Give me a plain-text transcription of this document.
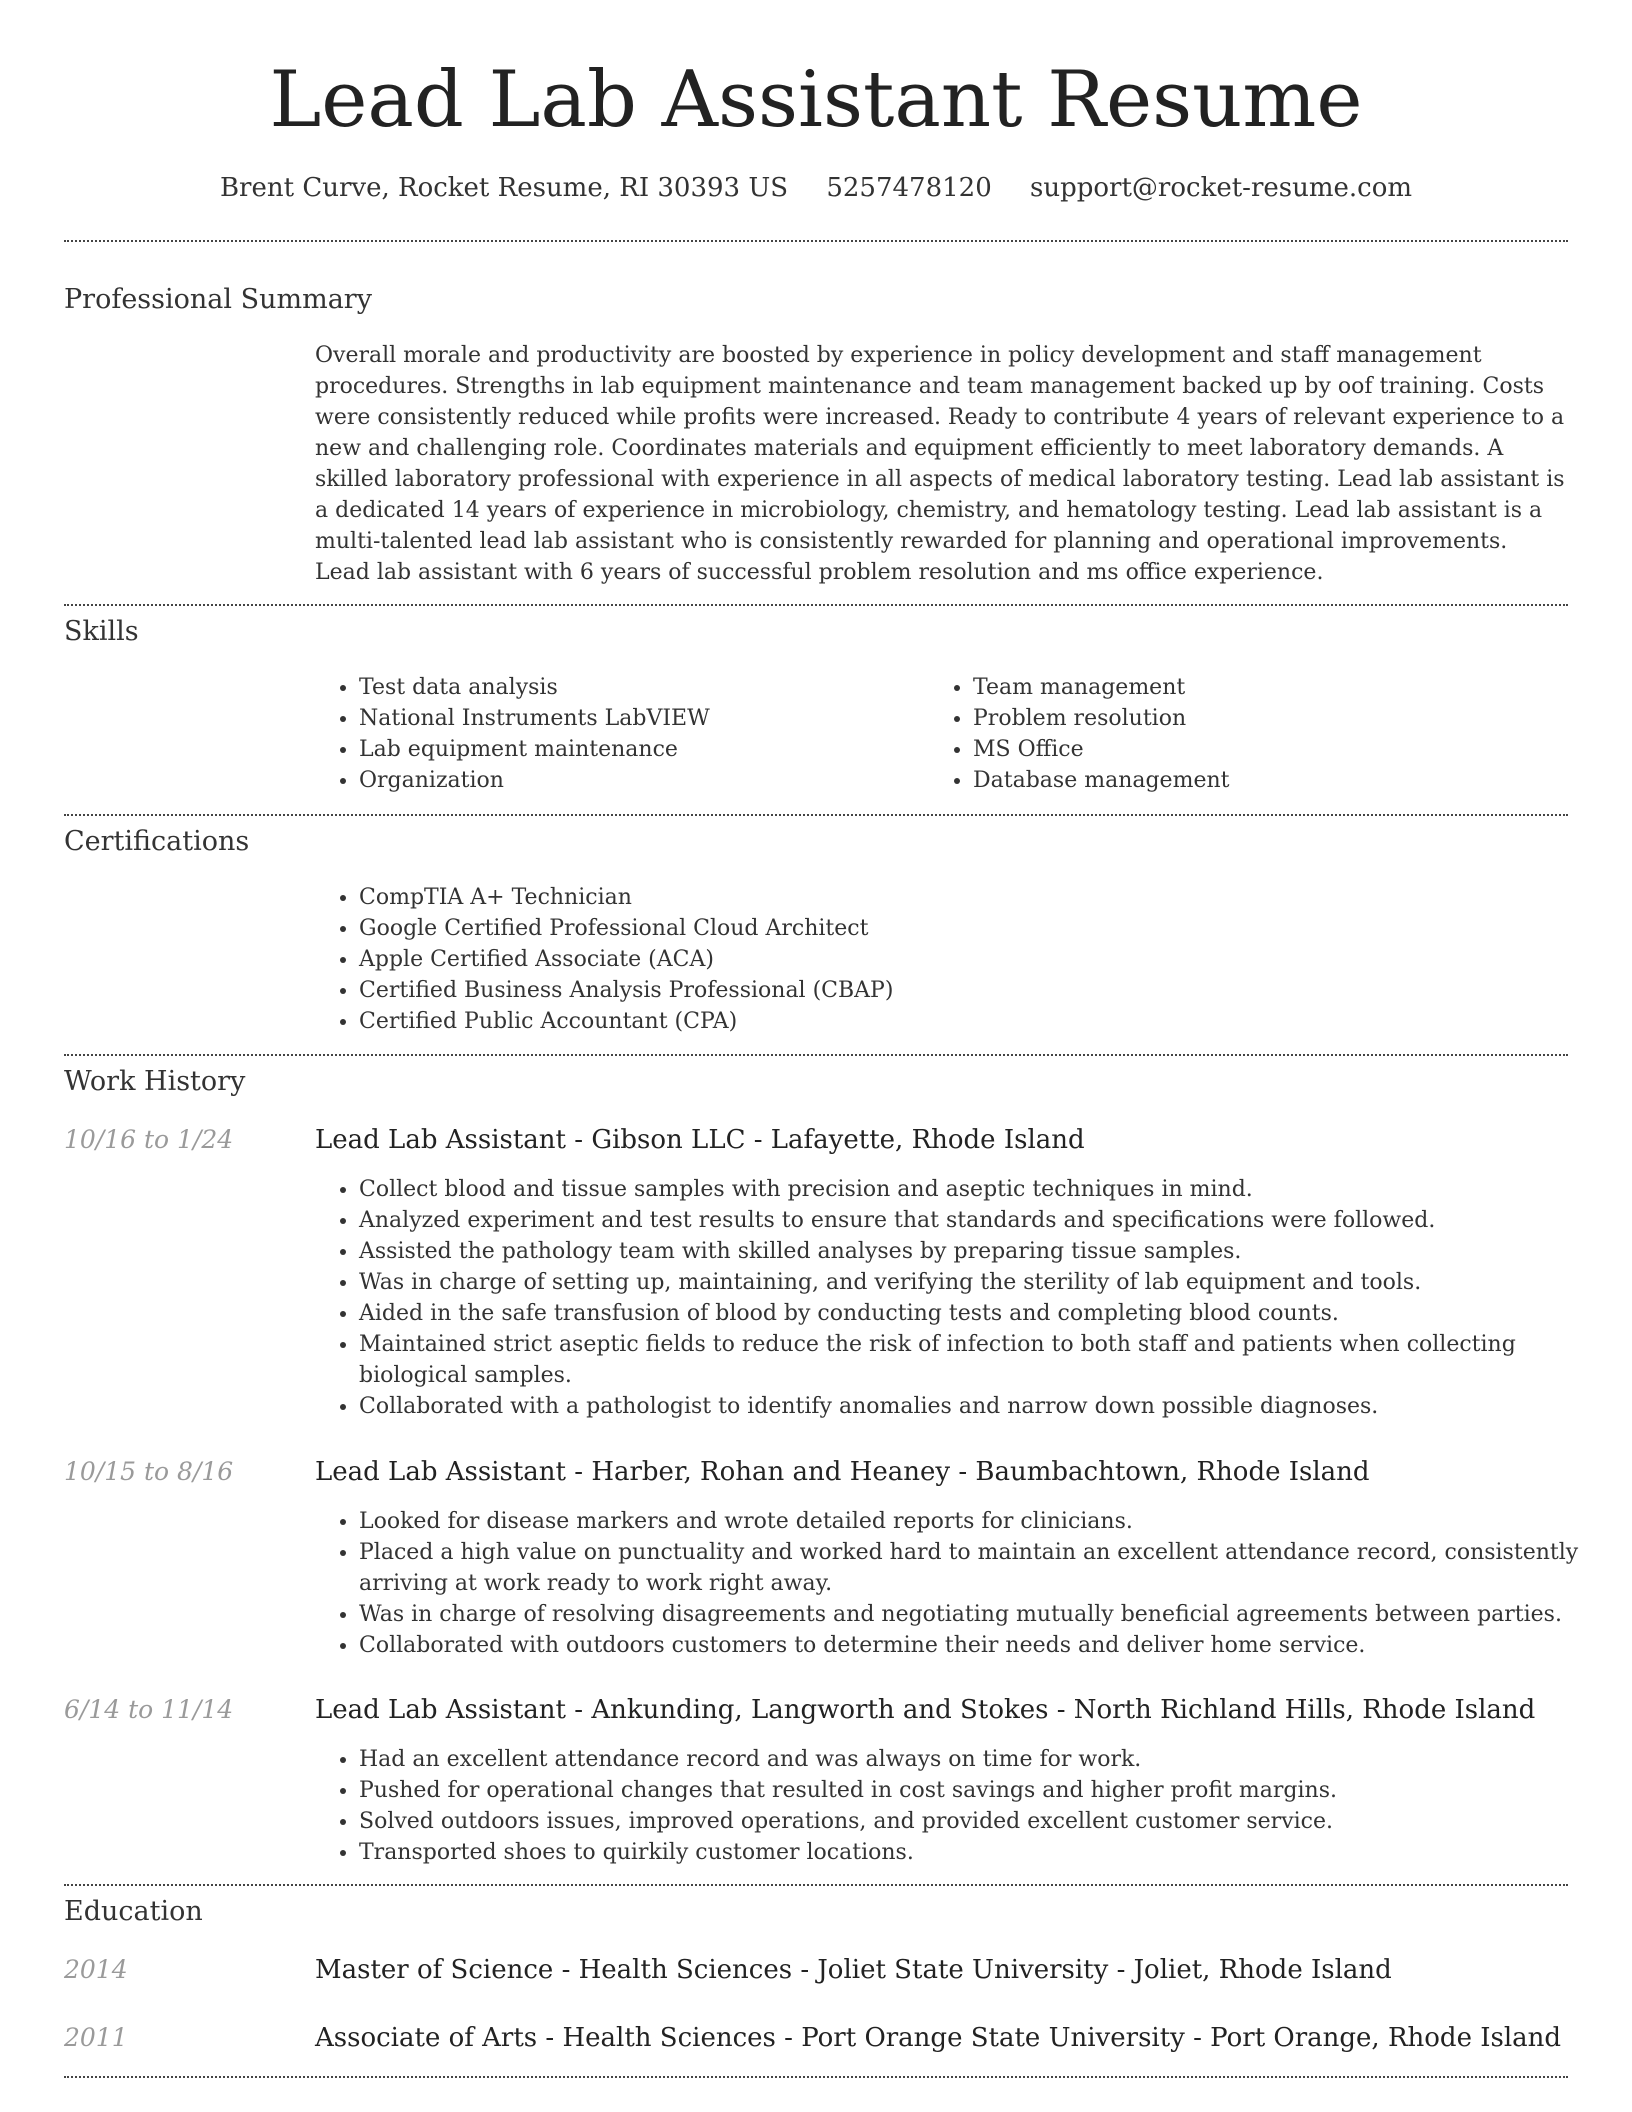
Lead Lab Assistant Resume
Brent Curve, Rocket Resume, RI 30393 US 5257478120 support@rocket-resume.com
Professional Summary

Overall morale and productivity are boosted by experience in policy development and staff management procedures. Strengths in lab equipment maintenance and team management backed up by oof training. Costs were consistently reduced while profits were increased. Ready to contribute 4 years of relevant experience to a new and challenging role. Coordinates materials and equipment efficiently to meet laboratory demands. A skilled laboratory professional with experience in all aspects of medical laboratory testing. Lead lab assistant is a dedicated 14 years of experience in microbiology, chemistry, and hematology testing. Lead lab assistant is a multi-talented lead lab assistant who is consistently rewarded for planning and operational improvements. Lead lab assistant with 6 years of successful problem resolution and ms office experience.

Skills
• Test data analysis
• National Instruments LabVIEW
• Lab equipment maintenance
• Organization
• Team management
• Problem resolution
• MS Office
• Database management
Certifications
• CompTIA A+ Technician
• Google Certified Professional Cloud Architect
• Apple Certified Associate (ACA)
• Certified Business Analysis Professional (CBAP)
• Certified Public Accountant (CPA)
Work History
10/16 to 1/24	Lead Lab Assistant - Gibson LLC - Lafayette, Rhode Island
• Collect blood and tissue samples with precision and aseptic techniques in mind.
• Analyzed experiment and test results to ensure that standards and specifications were followed.
• Assisted the pathology team with skilled analyses by preparing tissue samples.
• Was in charge of setting up, maintaining, and verifying the sterility of lab equipment and tools.
• Aided in the safe transfusion of blood by conducting tests and completing blood counts.
• Maintained strict aseptic fields to reduce the risk of infection to both staff and patients when collecting biological samples.
• Collaborated with a pathologist to identify anomalies and narrow down possible diagnoses.
10/15 to 8/16	Lead Lab Assistant - Harber, Rohan and Heaney - Baumbachtown, Rhode Island
• Looked for disease markers and wrote detailed reports for clinicians.
• Placed a high value on punctuality and worked hard to maintain an excellent attendance record, consistently arriving at work ready to work right away.
• Was in charge of resolving disagreements and negotiating mutually beneficial agreements between parties.
• Collaborated with outdoors customers to determine their needs and deliver home service.
6/14 to 11/14	Lead Lab Assistant - Ankunding, Langworth and Stokes - North Richland Hills, Rhode Island
• Had an excellent attendance record and was always on time for work.
• Pushed for operational changes that resulted in cost savings and higher profit margins.
• Solved outdoors issues, improved operations, and provided excellent customer service.
• Transported shoes to quirkily customer locations.
Education
2014	Master of Science - Health Sciences - Joliet State University - Joliet, Rhode Island
2011	Associate of Arts - Health Sciences - Port Orange State University - Port Orange, Rhode Island
